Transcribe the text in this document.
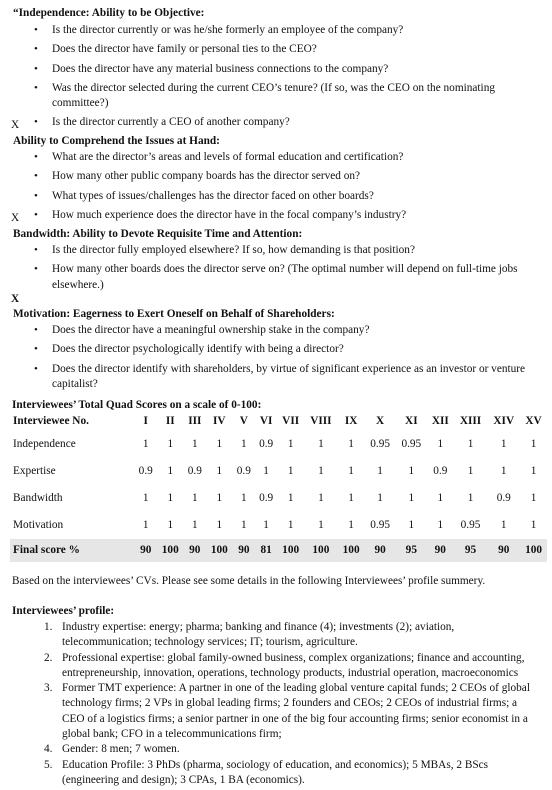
“Independence: Ability to be Objective:
• Is the director currently or was he/she formerly an employee of the company?
• Does the director have family or personal ties to the CEO?
• Does the director have any material business connections to the company?
• Was the director selected during the current CEO’s tenure? (If so, was the CEO on the nominating committee?)
• Is the director currently a CEO of another company?
X
Ability to Comprehend the Issues at Hand:
• What are the director’s areas and levels of formal education and certification?
• How many other public company boards has the director served on?
• What types of issues/challenges has the director faced on other boards?
• How much experience does the director have in the focal company’s industry?
X
Bandwidth: Ability to Devote Requisite Time and Attention:
• Is the director fully employed elsewhere? If so, how demanding is that position?
• How many other boards does the director serve on? (The optimal number will depend on full-time jobs elsewhere.)
X
Motivation: Eagerness to Exert Oneself on Behalf of Shareholders:
• Does the director have a meaningful ownership stake in the company?
• Does the director psychologically identify with being a director?
• Does the director identify with shareholders, by virtue of significant experience as an investor or venture capitalist?
Interviewees’ Total Quad Scores on a scale of 0-100:
Interviewee No.	I	II	III	IV	V	VI	VII	VIII	IX	X	XI	XII	XIII	XIV	XV
Independence	1	1	1	1	1	0.9	1	1	1	0.95	0.95	1	1	1	1
Expertise	0.9	1	0.9	1	0.9	1	1	1	1	1	1	0.9	1	1	1
Bandwidth	1	1	1	1	1	0.9	1	1	1	1	1	1	1	0.9	1
Motivation	1	1	1	1	1	1	1	1	1	0.95	1	1	0.95	1	1
Final score %	90	100	90	100	90	81	100	100	100	90	95	90	95	90	100
Based on the interviewees’ CVs. Please see some details in the following Interviewees’ profile summery.
Interviewees’ profile:
1. Industry expertise: energy; pharma; banking and finance (4); investments (2); aviation, telecommunication; technology services; IT; tourism, agriculture.
2. Professional expertise: global family-owned business, complex organizations; finance and accounting, entrepreneurship, innovation, operations, technology products, industrial operation, macroeconomics
3. Former TMT experience: A partner in one of the leading global venture capital funds; 2 CEOs of global technology firms; 2 VPs in global leading firms; 2 founders and CEOs; 2 CEOs of industrial firms; a CEO of a logistics firms; a senior partner in one of the big four accounting firms; senior economist in a global bank; CFO in a telecommunications firm;
4. Gender: 8 men; 7 women.
5. Education Profile: 3 PhDs (pharma, sociology of education, and economics); 5 MBAs, 2 BScs (engineering and design); 3 CPAs, 1 BA (economics).
